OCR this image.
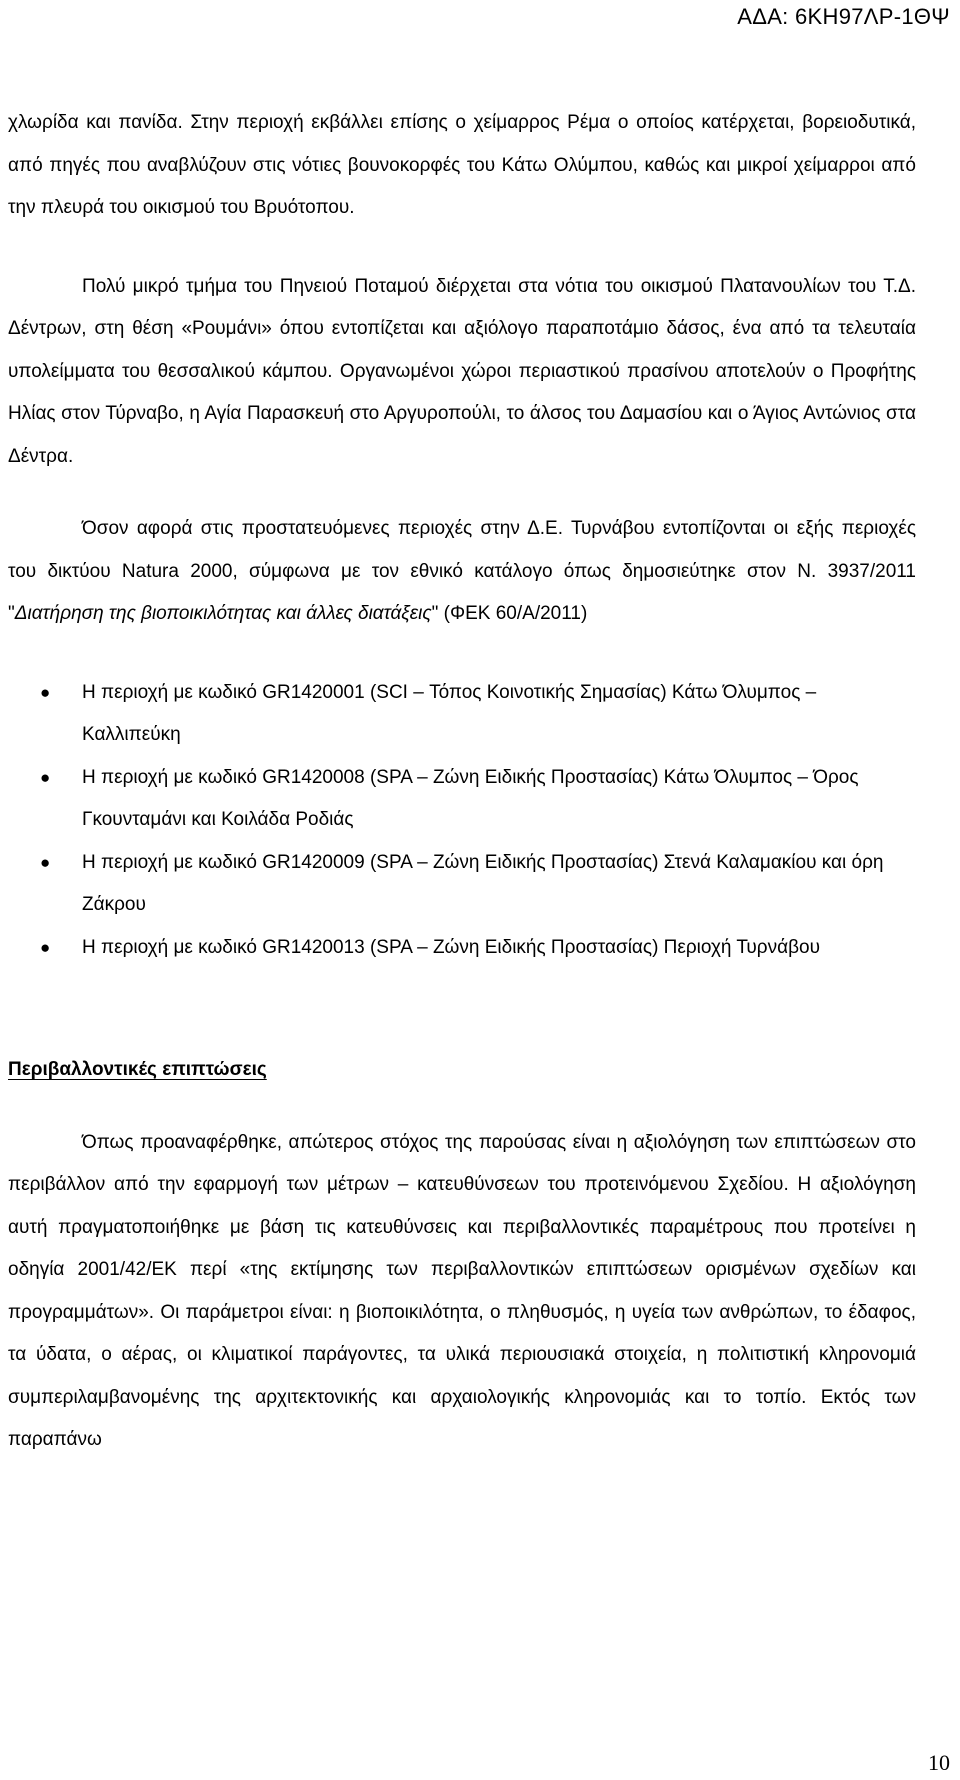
ΑΔΑ: 6ΚΗ97ΛΡ-1ΘΨ

χλωρίδα και πανίδα. Στην περιοχή εκβάλλει επίσης ο χείμαρρος Ρέμα ο οποίος κατέρχεται, βορειοδυτικά, από πηγές που αναβλύζουν στις νότιες βουνοκορφές του Κάτω Ολύμπου, καθώς και μικροί χείμαρροι από την πλευρά του οικισμού του Βρυότοπου.

Πολύ μικρό τμήμα του Πηνειού Ποταμού διέρχεται στα νότια του οικισμού Πλατανουλίων του Τ.Δ. Δέντρων, στη θέση «Ρουμάνι» όπου εντοπίζεται και αξιόλογο παραποτάμιο δάσος, ένα από τα τελευταία υπολείμματα του θεσσαλικού κάμπου. Οργανωμένοι χώροι περιαστικού πρασίνου αποτελούν ο Προφήτης Ηλίας στον Τύρναβο, η Αγία Παρασκευή στο Αργυροπούλι, το άλσος του Δαμασίου και ο Άγιος Αντώνιος στα Δέντρα.

Όσον αφορά στις προστατευόμενες περιοχές στην Δ.Ε. Τυρνάβου εντοπίζονται οι εξής περιοχές του δικτύου Natura 2000, σύμφωνα με τον εθνικό κατάλογο όπως δημοσιεύτηκε στον Ν. 3937/2011 "Διατήρηση της βιοποικιλότητας και άλλες διατάξεις" (ΦΕΚ 60/Α/2011)

●	Η περιοχή με κωδικό GR1420001 (SCI – Τόπος Κοινοτικής Σημασίας) Κάτω Όλυμπος – Καλλιπεύκη
●	Η περιοχή με κωδικό GR1420008 (SPA – Ζώνη Ειδικής Προστασίας) Κάτω Όλυμπος – Όρος Γκουνταμάνι και Κοιλάδα Ροδιάς
●	Η περιοχή με κωδικό GR1420009 (SPA – Ζώνη Ειδικής Προστασίας) Στενά Καλαμακίου και όρη Ζάκρου
●	Η περιοχή με κωδικό GR1420013 (SPA – Ζώνη Ειδικής Προστασίας) Περιοχή Τυρνάβου
Περιβαλλοντικές επιπτώσεις

Όπως προαναφέρθηκε, απώτερος στόχος της παρούσας είναι η αξιολόγηση των επιπτώσεων στο περιβάλλον από την εφαρμογή των μέτρων – κατευθύνσεων του προτεινόμενου Σχεδίου. Η αξιολόγηση αυτή πραγματοποιήθηκε με βάση τις κατευθύνσεις και περιβαλλοντικές παραμέτρους που προτείνει η οδηγία 2001/42/ΕΚ περί «της εκτίμησης των περιβαλλοντικών επιπτώσεων ορισμένων σχεδίων και προγραμμάτων». Οι παράμετροι είναι: η βιοποικιλότητα, ο πληθυσμός, η υγεία των ανθρώπων, το έδαφος, τα ύδατα, ο αέρας, οι κλιματικοί παράγοντες, τα υλικά περιουσιακά στοιχεία, η πολιτιστική κληρονομιά συμπεριλαμβανομένης της αρχιτεκτονικής και αρχαιολογικής κληρονομιάς και το τοπίο. Εκτός των παραπάνω

10
